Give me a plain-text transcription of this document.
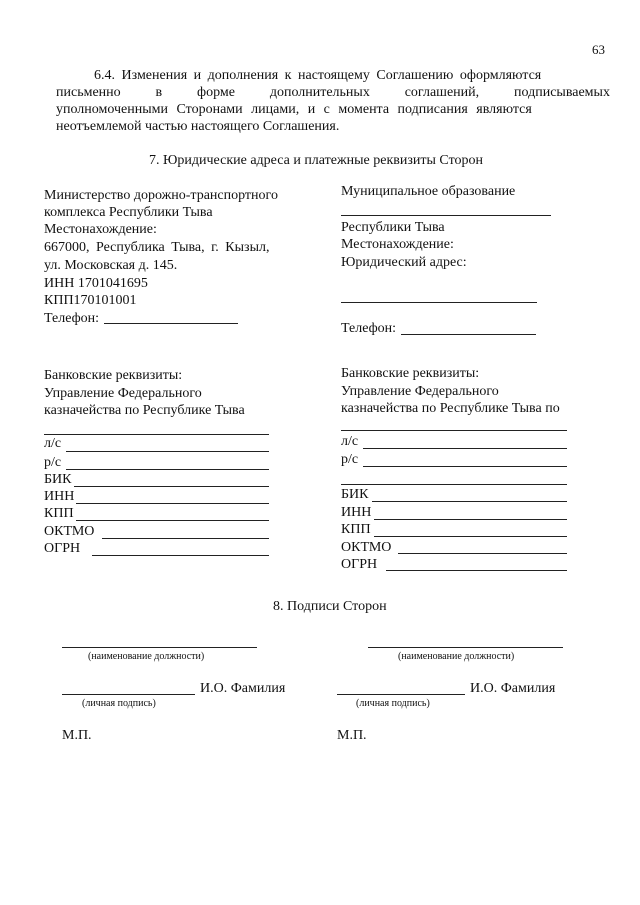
63
6.4. Изменения и дополнения к настоящему Соглашению оформляются
письменно в форме дополнительных соглашений, подписываемых
уполномоченными Сторонами лицами, и с момента подписания являются
неотъемлемой частью настоящего Соглашения.
7. Юридические адреса и платежные реквизиты Сторон
Министерство дорожно-транспортного
комплекса Республики Тыва
Местонахождение:
667000, Республика Тыва, г. Кызыл,
ул. Московская д. 145.
ИНН 1701041695
КПП170101001
Телефон:
Банковские реквизиты:
Управление Федерального
казначейства по Республике Тыва
л/с
р/с
БИК
ИНН
КПП
ОКТМО
ОГРН
Муниципальное образование
Республики Тыва
Местонахождение:
Юридический адрес:
Телефон:
Банковские реквизиты:
Управление Федерального
казначейства по Республике Тыва по
л/с
р/с
БИК
ИНН
КПП
ОКТМО
ОГРН
8. Подписи Сторон
(наименование должности)
И.О. Фамилия
(личная подпись)
М.П.
(наименование должности)
И.О. Фамилия
(личная подпись)
М.П.
